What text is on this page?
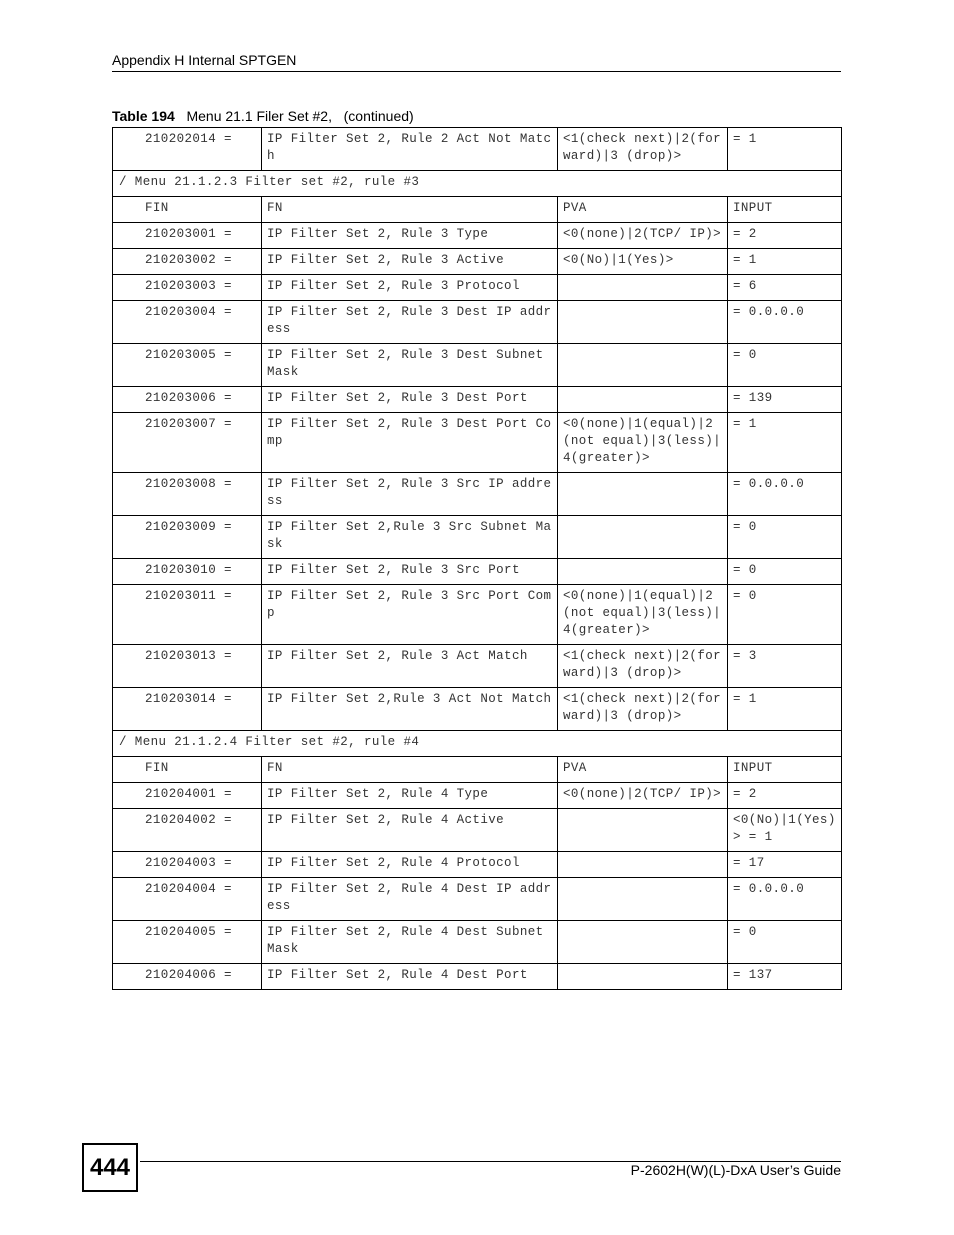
Appendix H Internal SPTGEN
Table 194 Menu 21.1 Filer Set #2,   (continued)
210202014 =	IP Filter Set 2, Rule 2 Act Not Match	<1(check next)|2(forward)|3 (drop)>	= 1
/ Menu 21.1.2.3 Filter set #2, rule #3			
FIN	FN	PVA	INPUT
210203001 =	IP Filter Set 2, Rule 3 Type	<0(none)|2(TCP/ IP)>	= 2
210203002 =	IP Filter Set 2, Rule 3 Active	<0(No)|1(Yes)>	= 1
210203003 =	IP Filter Set 2, Rule 3 Protocol		= 6
210203004 =	IP Filter Set 2, Rule 3 Dest IP address		= 0.0.0.0
210203005 =	IP Filter Set 2, Rule 3 Dest Subnet Mask		= 0
210203006 =	IP Filter Set 2, Rule 3 Dest Port		= 139
210203007 =	IP Filter Set 2, Rule 3 Dest Port Comp	<0(none)|1(equal)|2(not equal)|3(less)|4(greater)>	= 1
210203008 =	IP Filter Set 2, Rule 3 Src IP address		= 0.0.0.0
210203009 =	IP Filter Set 2,Rule 3 Src Subnet Mask		= 0
210203010 =	IP Filter Set 2, Rule 3 Src Port		= 0
210203011 =	IP Filter Set 2, Rule 3 Src Port Comp	<0(none)|1(equal)|2(not equal)|3(less)|4(greater)>	= 0
210203013 =	IP Filter Set 2, Rule 3 Act Match	<1(check next)|2(forward)|3 (drop)>	= 3
210203014 =	IP Filter Set 2,Rule 3 Act Not Match	<1(check next)|2(forward)|3 (drop)>	= 1
/ Menu 21.1.2.4 Filter set #2, rule #4			
FIN	FN	PVA	INPUT
210204001 =	IP Filter Set 2, Rule 4 Type	<0(none)|2(TCP/ IP)>	= 2
210204002 =	IP Filter Set 2, Rule 4 Active		<0(No)|1(Yes)> = 1
210204003 =	IP Filter Set 2, Rule 4 Protocol		= 17
210204004 =	IP Filter Set 2, Rule 4 Dest IP address		= 0.0.0.0
210204005 =	IP Filter Set 2, Rule 4 Dest Subnet Mask		= 0
210204006 =	IP Filter Set 2, Rule 4 Dest Port		= 137
444	P-2602H(W)(L)-DxA User’s Guide
